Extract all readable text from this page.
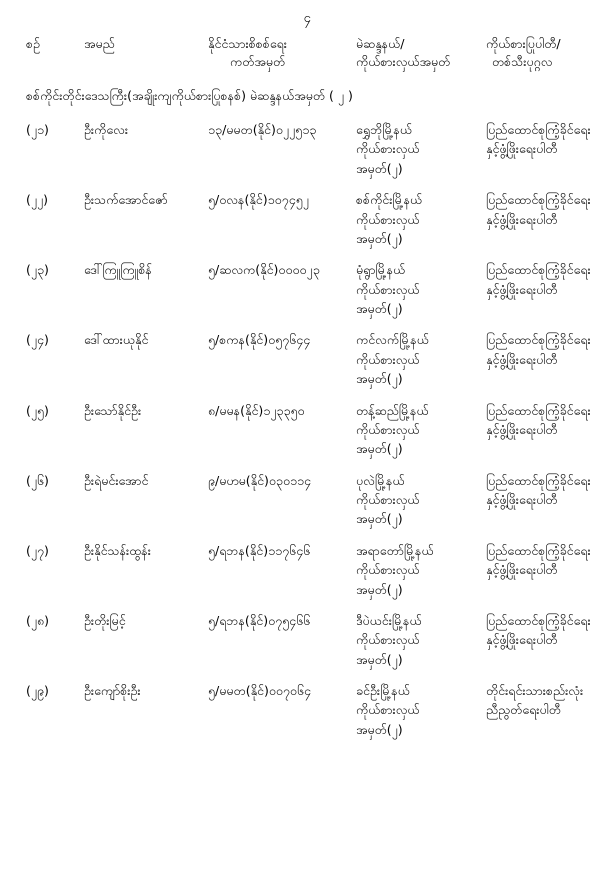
၄
စဉ်	အမည်	နိုင်ငံသားစိစစ်ရေး
ကတ်အမှတ်
	မဲဆန္ဒနယ်/
ကိုယ်စားလှယ်အမှတ်
	ကိုယ်စားပြုပါတီ/
တစ်သီးပုဂ္ဂလ
စစ်ကိုင်းတိုင်းဒေသကြီး(အချိုးကျကိုယ်စားပြုစနစ်) မဲဆန္ဒနယ်အမှတ် ( ၂ )
(၂၁)	ဦးကိုလေး	၁၃/မမတ(နိုင်)၀၂၂၅၁၃	ရွှေဘိုမြို့နယ်
ကိုယ်စားလှယ်
အမှတ်(၂)	ပြည်ထောင်စုကြံ့ခိုင်ရေး
နှင့်ဖွံ့ဖြိုးရေးပါတီ

(၂၂)	ဦးသက်အောင်ဇော်	၅/၀လန(နိုင်)၁၀၇၄၅၂	စစ်ကိုင်းမြို့နယ်
ကိုယ်စားလှယ်
အမှတ်(၂)	ပြည်ထောင်စုကြံ့ခိုင်ရေး
နှင့်ဖွံ့ဖြိုးရေးပါတီ

(၂၃)	ဒေါ်ကြူကြူစိန်	၅/ဆလက(နိုင်)၀၀၀၀၂၃	မုံရွာမြို့နယ်
ကိုယ်စားလှယ်
အမှတ်(၂)	ပြည်ထောင်စုကြံ့ခိုင်ရေး
နှင့်ဖွံ့ဖြိုးရေးပါတီ

(၂၄)	ဒေါ်ထားယုနိုင်	၅/စကန(နိုင်)၀၅၇၆၄၄	ကင်လက်မြို့နယ်
ကိုယ်စားလှယ်
အမှတ်(၂)	ပြည်ထောင်စုကြံ့ခိုင်ရေး
နှင့်ဖွံ့ဖြိုးရေးပါတီ

(၂၅)	ဦးသော်နိုင်ဦး	၈/မမန(နိုင်)၁၂၃၃၅၀	တန့်ဆည်မြို့နယ်
ကိုယ်စားလှယ်
အမှတ်(၂)	ပြည်ထောင်စုကြံ့ခိုင်ရေး
နှင့်ဖွံ့ဖြိုးရေးပါတီ

(၂၆)	ဦးရဲမင်းအောင်	၉/မဟမ(နိုင်)၀၃၀၁၁၄	ပုလဲမြို့နယ်
ကိုယ်စားလှယ်
အမှတ်(၂)	ပြည်ထောင်စုကြံ့ခိုင်ရေး
နှင့်ဖွံ့ဖြိုးရေးပါတီ

(၂၇)	ဦးနိုင်သန်းထွန်း	၅/ရဘန(နိုင်)၁၁၇၆၄၆	အရာတော်မြို့နယ်
ကိုယ်စားလှယ်
အမှတ်(၂)	ပြည်ထောင်စုကြံ့ခိုင်ရေး
နှင့်ဖွံ့ဖြိုးရေးပါတီ

(၂၈)	ဦးတိုးမြင့်	၅/ရဘန(နိုင်)၀၇၅၄၆၆	ဒီပဲယင်းမြို့နယ်
ကိုယ်စားလှယ်
အမှတ်(၂)	ပြည်ထောင်စုကြံ့ခိုင်ရေး
နှင့်ဖွံ့ဖြိုးရေးပါတီ

(၂၉)	ဦးကျော်စိုးဦး	၅/မမတ(နိုင်)၀၀၇၀၆၄	ခင်ဦးမြို့နယ်
ကိုယ်စားလှယ်
အမှတ်(၂)	တိုင်းရင်းသားစည်းလုံး
ညီညွတ်ရေးပါတီ
